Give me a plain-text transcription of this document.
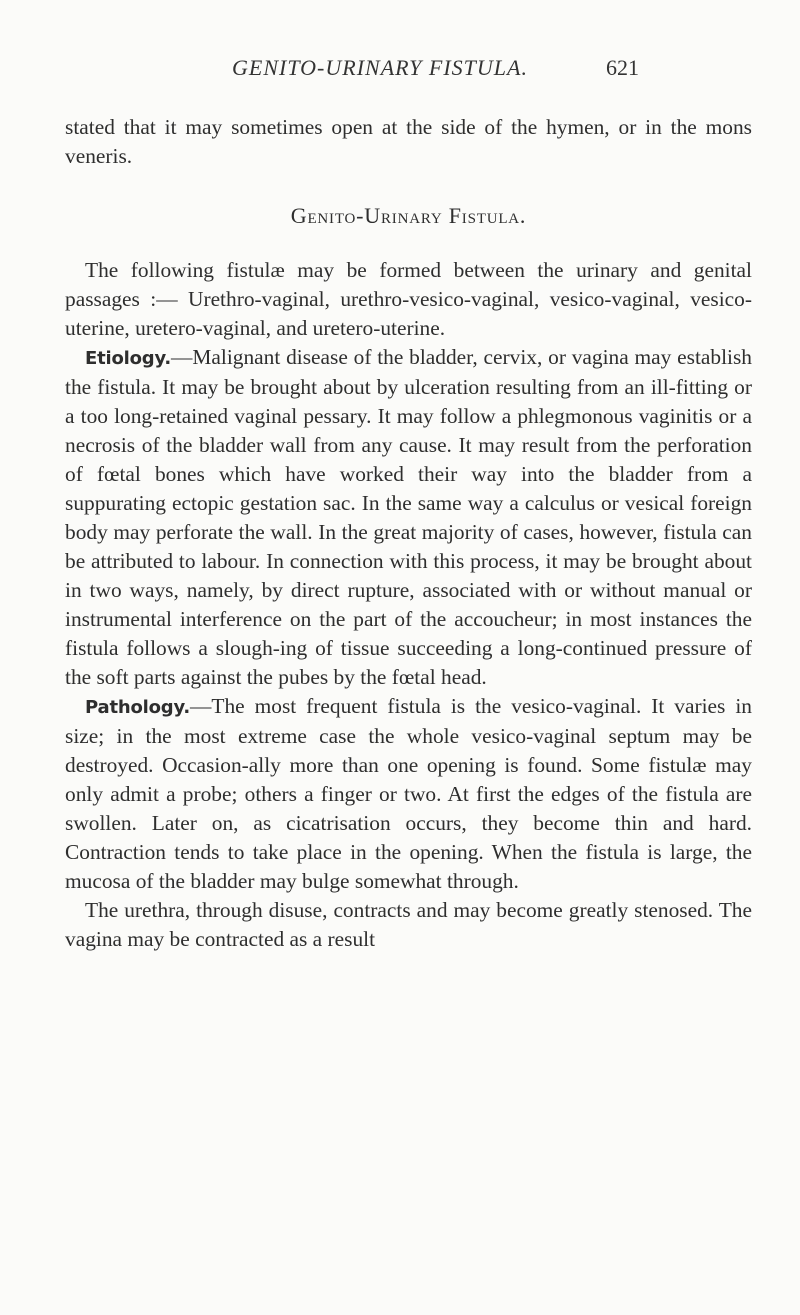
GENITO-URINARY FISTULA.	621

stated that it may sometimes open at the side of the hymen, or in the mons veneris.

Genito-Urinary Fistula.

The following fistulæ may be formed between the urinary and genital passages :— Urethro-vaginal, urethro-vesico-vaginal, vesico-vaginal, vesico-uterine, uretero-vaginal, and uretero-uterine.

Etiology.—Malignant disease of the bladder, cervix, or vagina may establish the fistula. It may be brought about by ulceration resulting from an ill-fitting or a too long-retained vaginal pessary. It may follow a phlegmonous vaginitis or a necrosis of the bladder wall from any cause. It may result from the perforation of fœtal bones which have worked their way into the bladder from a suppurating ectopic gestation sac. In the same way a calculus or vesical foreign body may perforate the wall. In the great majority of cases, however, fistula can be attributed to labour. In connection with this process, it may be brought about in two ways, namely, by direct rupture, associated with or without manual or instrumental interference on the part of the accoucheur; in most instances the fistula follows a slough-ing of tissue succeeding a long-continued pressure of the soft parts against the pubes by the fœtal head.

Pathology.—The most frequent fistula is the vesico-vaginal. It varies in size; in the most extreme case the whole vesico-vaginal septum may be destroyed. Occasion-ally more than one opening is found. Some fistulæ may only admit a probe; others a finger or two. At first the edges of the fistula are swollen. Later on, as cicatrisation occurs, they become thin and hard. Contraction tends to take place in the opening. When the fistula is large, the mucosa of the bladder may bulge somewhat through.

The urethra, through disuse, contracts and may become greatly stenosed. The vagina may be contracted as a result
